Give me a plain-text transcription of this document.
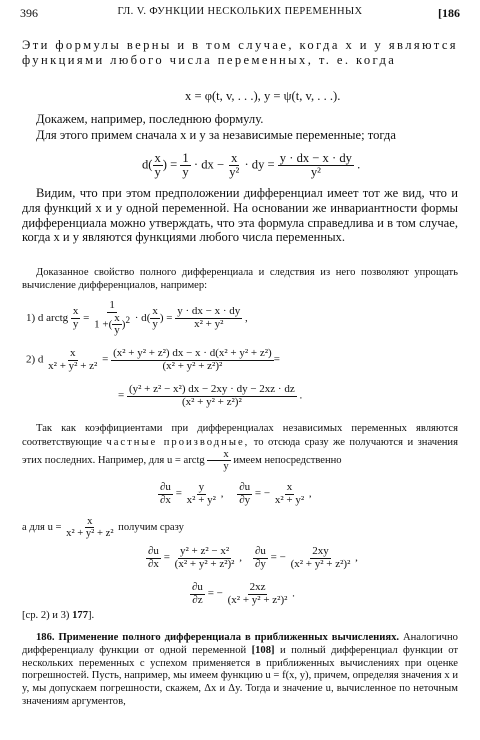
396	ГЛ. V. ФУНКЦИИ НЕСКОЛЬКИХ ПЕРЕМЕННЫХ	[186

Эти формулы верны и в том случае, когда x и y являются функциями любого числа переменных, т. е. когда

x = φ(t, v, . . .), y = ψ(t, v, . . .).

Докажем, например, последнюю формулу.

Для этого примем сначала x и y за независимые переменные; тогда

$d( \frac{x}{y}$ ) = $\frac{1}{y}$ · dx − $\frac{x}{\text{y²}}$ · dy = $\frac{y \cdot dx - x \cdot dy}{\text{y²}}$ .

Видим, что при этом предположении дифференциал имеет тот же вид, что и для функций x и y одной переменной. На основании же инвариантности формы дифференциала можно утверждать, что эта формула справедлива и в том случае, когда x и y являются функциями любого числа переменных.

Доказанное свойство полного дифференциала и следствия из него позволяют упрощать вычисление дифференциалов, например:

1) d arctg $\frac{x}{y} = \frac{1}{1 +( \frac{x}{y} )^2} \cdot d( \frac{x}{y}$ ) = $\frac{y \cdot dx - x \cdot dy}{\text{x² + y²}}$ ,
2) d $\frac{x}{\text{x² + y² + z²}} = \frac{\text{(x² + y² + z²) dx − x · d(x² + y² + z²)}}{\text{(x² + y² + z²)²}}$ =
= $\frac{\text{(y² + z² − x²) dx − 2xy · dy − 2xz · dz}}{\text{(x² + y² + z²)²}}$ .

Так как коэффициентами при дифференциалах независимых переменных являются соответствующие частные производные, то отсюда сразу же получаются и значения этих последних. Например, для u = arctg $\frac{x}{y}$ имеем непосредственно

$\frac{\partial u}{\partial x} = \frac{y}{\text{x² + y²}}$ , $\frac{\partial u}{\partial y}$ = − $\frac{x}{\text{x² + y²}}$ ,
а для $u = \frac{x}{\text{x² + y² + z²}}$ получим сразу
$\frac{\partial u}{\partial x} = \frac{\text{y² + z² − x²}}{\text{(x² + y² + z²)²}}$ , $\frac{\partial u}{\partial y}$ = − $\frac{2xy}{\text{(x² + y² + z²)²}}$ ,
$\frac{\partial u}{\partial z}$ = − $\frac{2xz}{\text{(x² + y² + z²)²}}$ .
[ср. 2) и 3) 177].

186. Применение полного дифференциала в приближенных вычислениях. Аналогично дифференциалу функции от одной переменной [108] и полный дифференциал функции от нескольких переменных с успехом применяется в приближенных вычислениях при оценке погрешностей. Пусть, например, мы имеем функцию u = f(x, y), причем, определяя значения x и y, мы допускаем погрешности, скажем, Δx и Δy. Тогда и значение u, вычисленное по неточным значениям аргументов,
